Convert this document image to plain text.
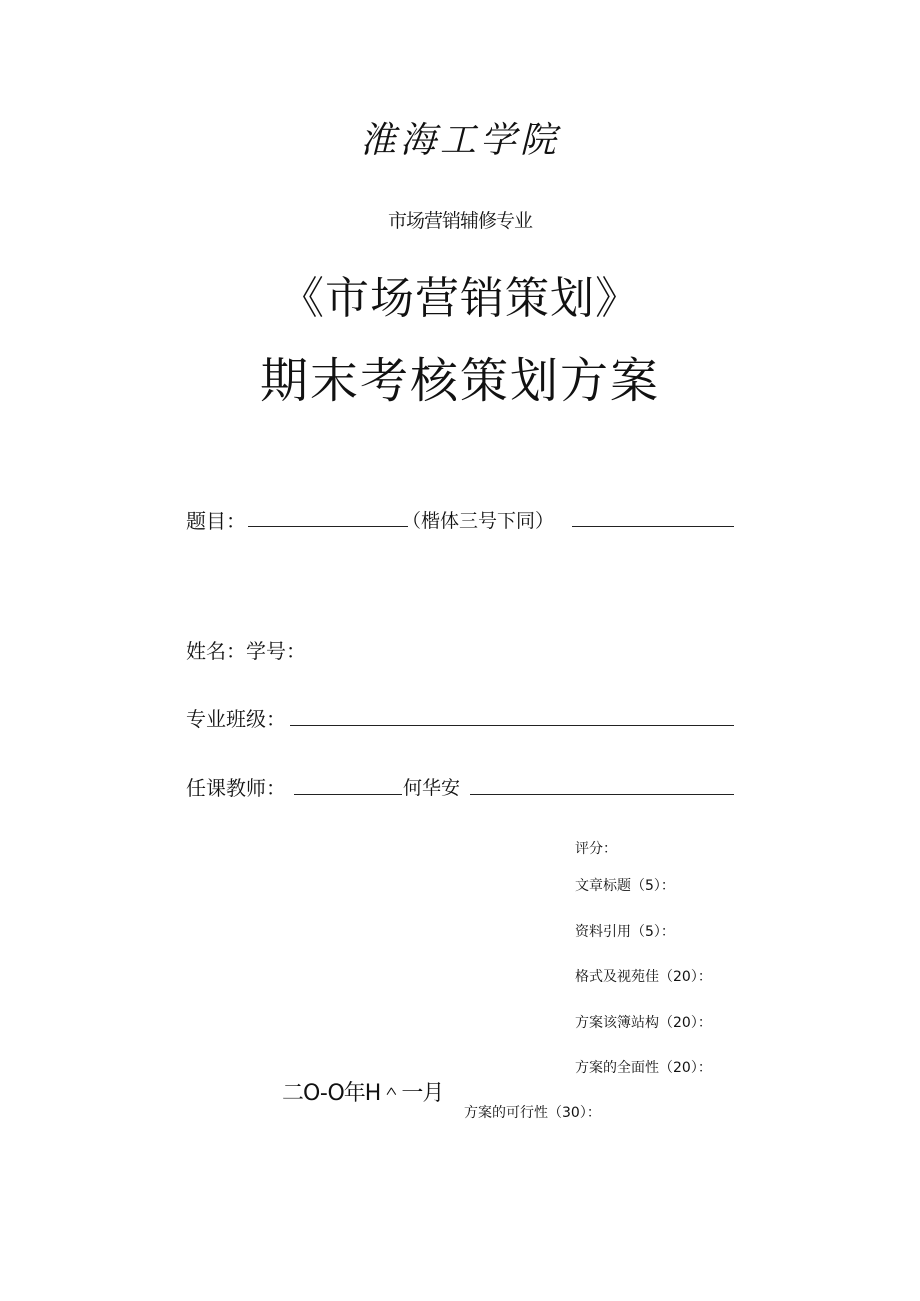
淮海工学院
市场营销辅修专业
《市场营销策划》
期末考核策划方案
题目：	（楷体三号下同）
姓名：学号：
专业班级：
任课教师：	何华安
评分：
文章标题（5）：
资料引用（5）：
格式及视苑佳（20）：
方案该簿站构（20）：
方案的全面性（20）：
方案的可行性（30）：
二O-O年H＾一月
